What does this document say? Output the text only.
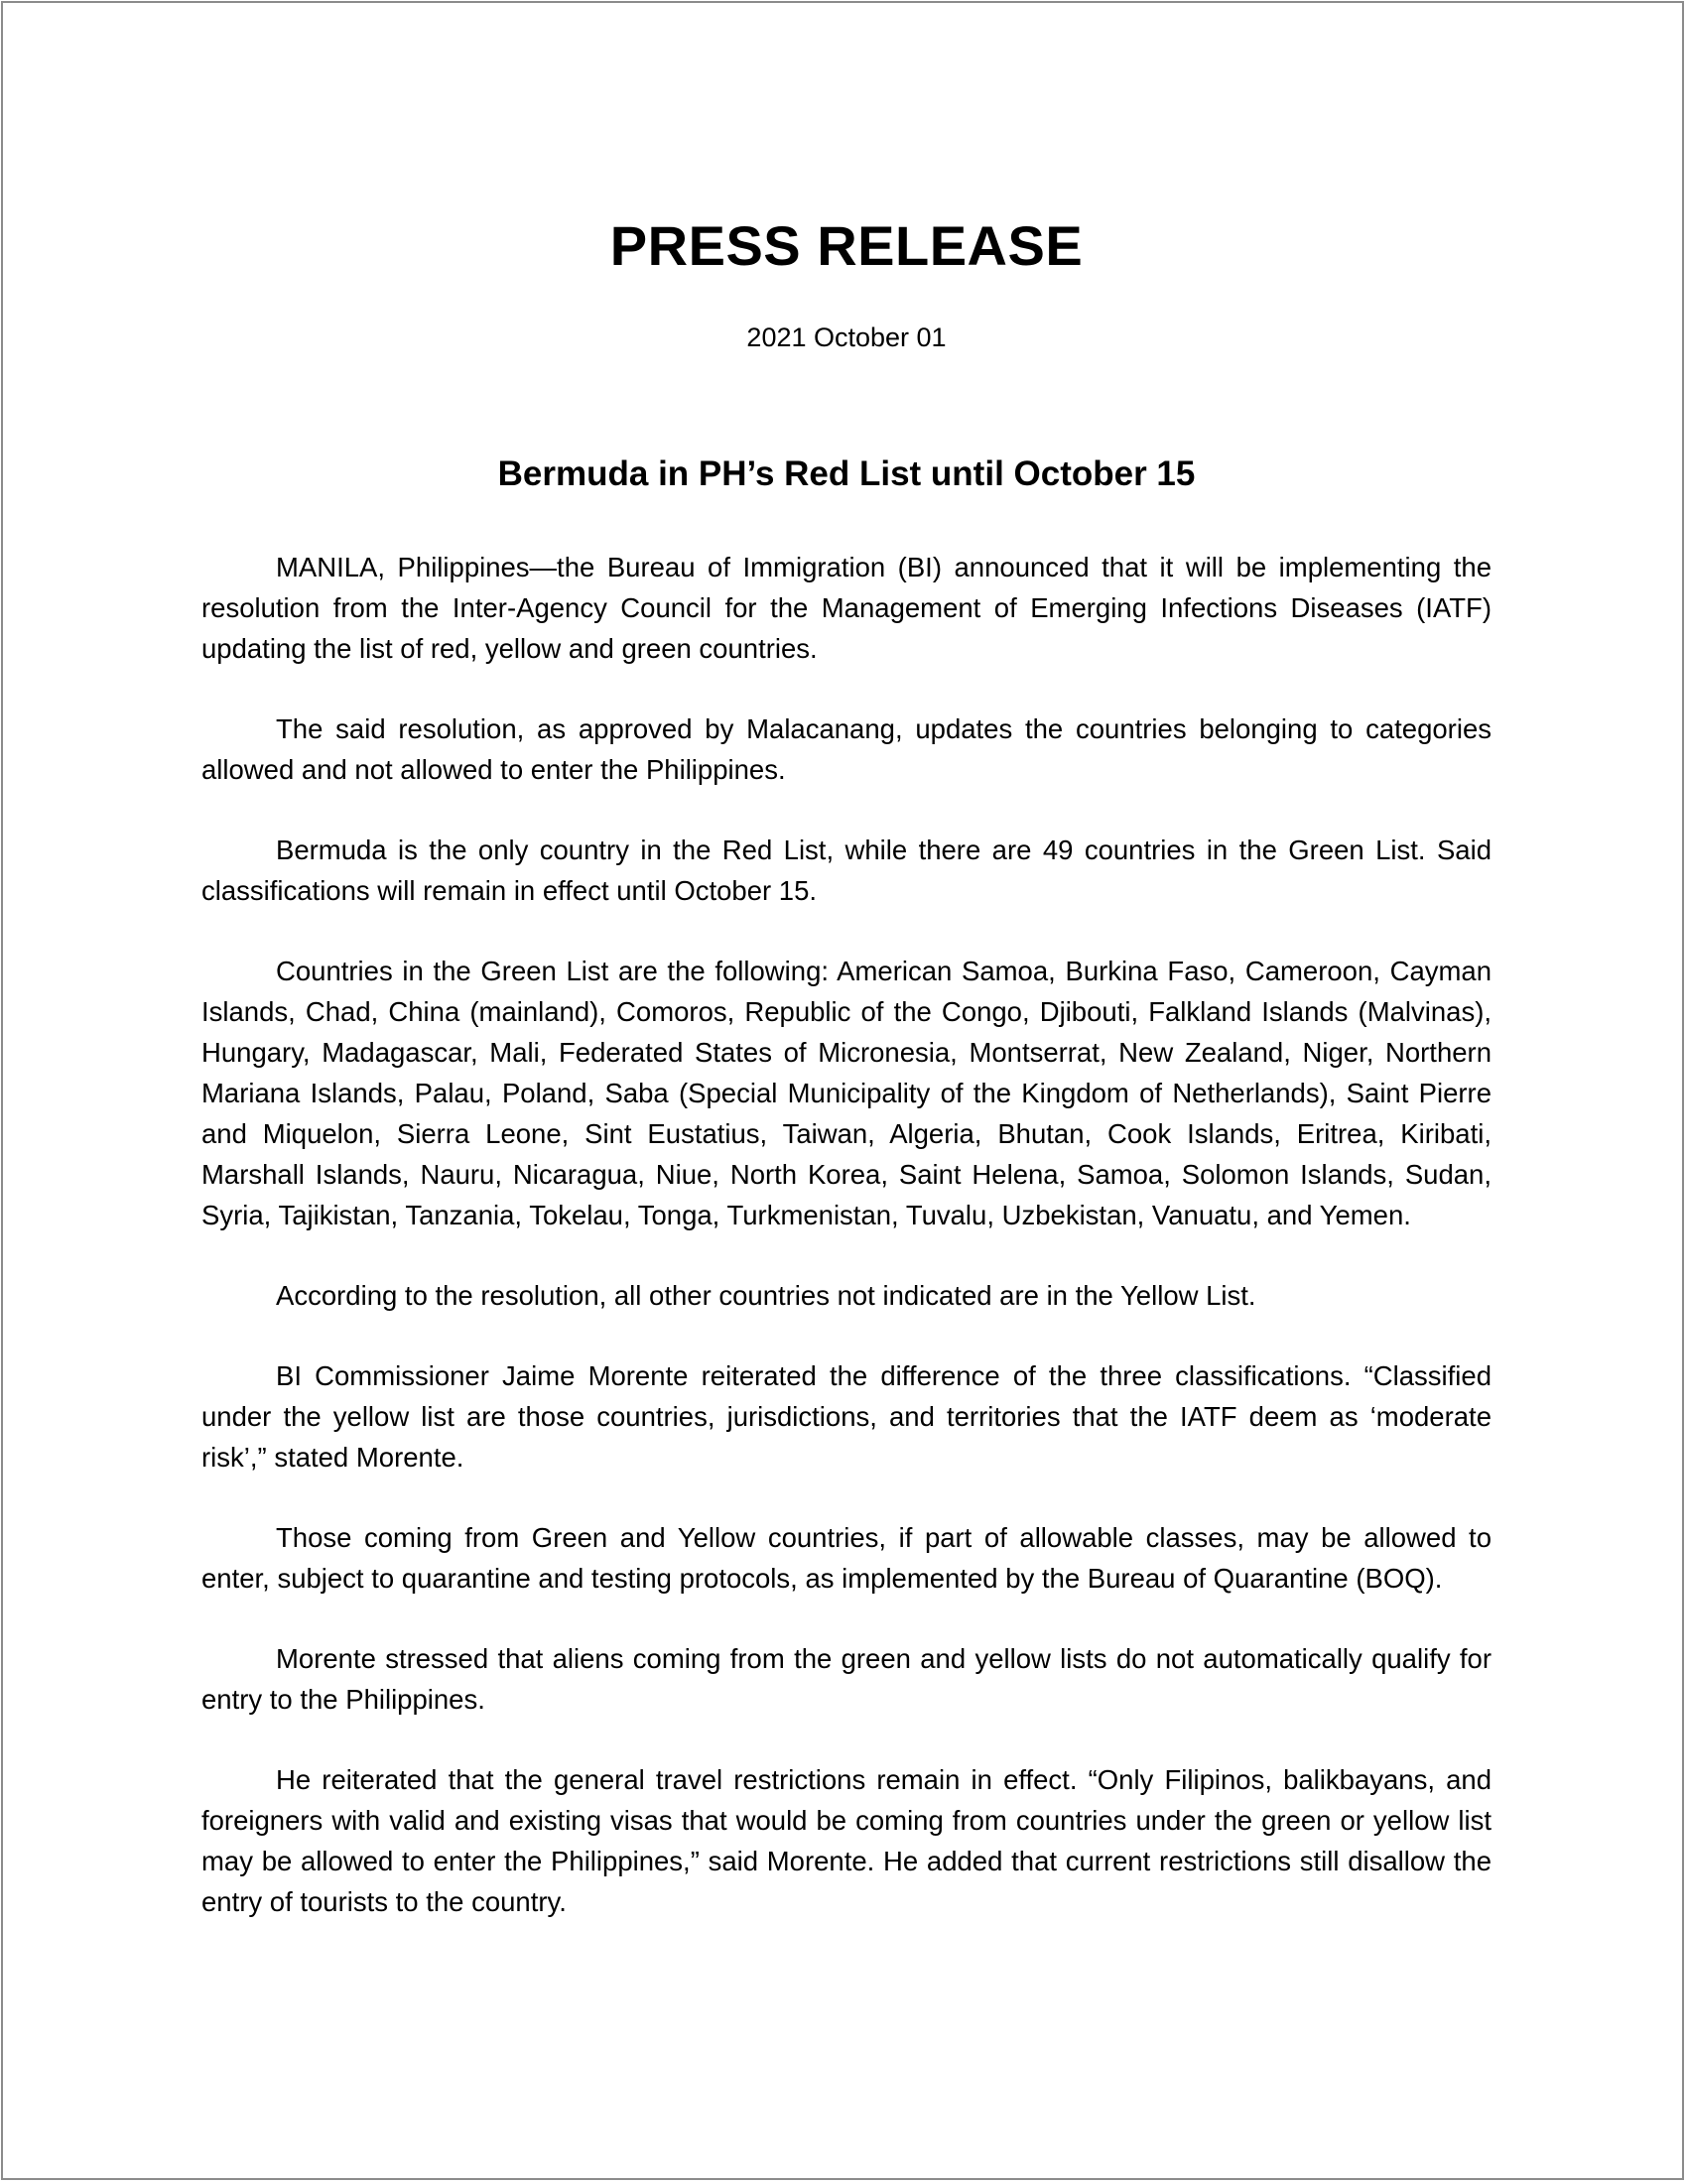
PRESS RELEASE

2021 October 01

Bermuda in PH’s Red List until October 15

MANILA, Philippines—the Bureau of Immigration (BI) announced that it will be implementing the resolution from the Inter-Agency Council for the Management of Emerging Infections Diseases (IATF) updating the list of red, yellow and green countries.

The said resolution, as approved by Malacanang, updates the countries belonging to categories allowed and not allowed to enter the Philippines.

Bermuda is the only country in the Red List, while there are 49 countries in the Green List. Said classifications will remain in effect until October 15.

Countries in the Green List are the following: American Samoa, Burkina Faso, Cameroon, Cayman Islands, Chad, China (mainland), Comoros, Republic of the Congo, Djibouti, Falkland Islands (Malvinas), Hungary, Madagascar, Mali, Federated States of Micronesia, Montserrat, New Zealand, Niger, Northern Mariana Islands, Palau, Poland, Saba (Special Municipality of the Kingdom of Netherlands), Saint Pierre and Miquelon, Sierra Leone, Sint Eustatius, Taiwan, Algeria, Bhutan, Cook Islands, Eritrea, Kiribati, Marshall Islands, Nauru, Nicaragua, Niue, North Korea, Saint Helena, Samoa, Solomon Islands, Sudan, Syria, Tajikistan, Tanzania, Tokelau, Tonga, Turkmenistan, Tuvalu, Uzbekistan, Vanuatu, and Yemen.

According to the resolution, all other countries not indicated are in the Yellow List.

BI Commissioner Jaime Morente reiterated the difference of the three classifications. “Classified under the yellow list are those countries, jurisdictions, and territories that the IATF deem as ‘moderate risk’,” stated Morente.

Those coming from Green and Yellow countries, if part of allowable classes, may be allowed to enter, subject to quarantine and testing protocols, as implemented by the Bureau of Quarantine (BOQ).

Morente stressed that aliens coming from the green and yellow lists do not automatically qualify for entry to the Philippines.

He reiterated that the general travel restrictions remain in effect. “Only Filipinos, balikbayans, and foreigners with valid and existing visas that would be coming from countries under the green or yellow list may be allowed to enter the Philippines,” said Morente. He added that current restrictions still disallow the entry of tourists to the country.
